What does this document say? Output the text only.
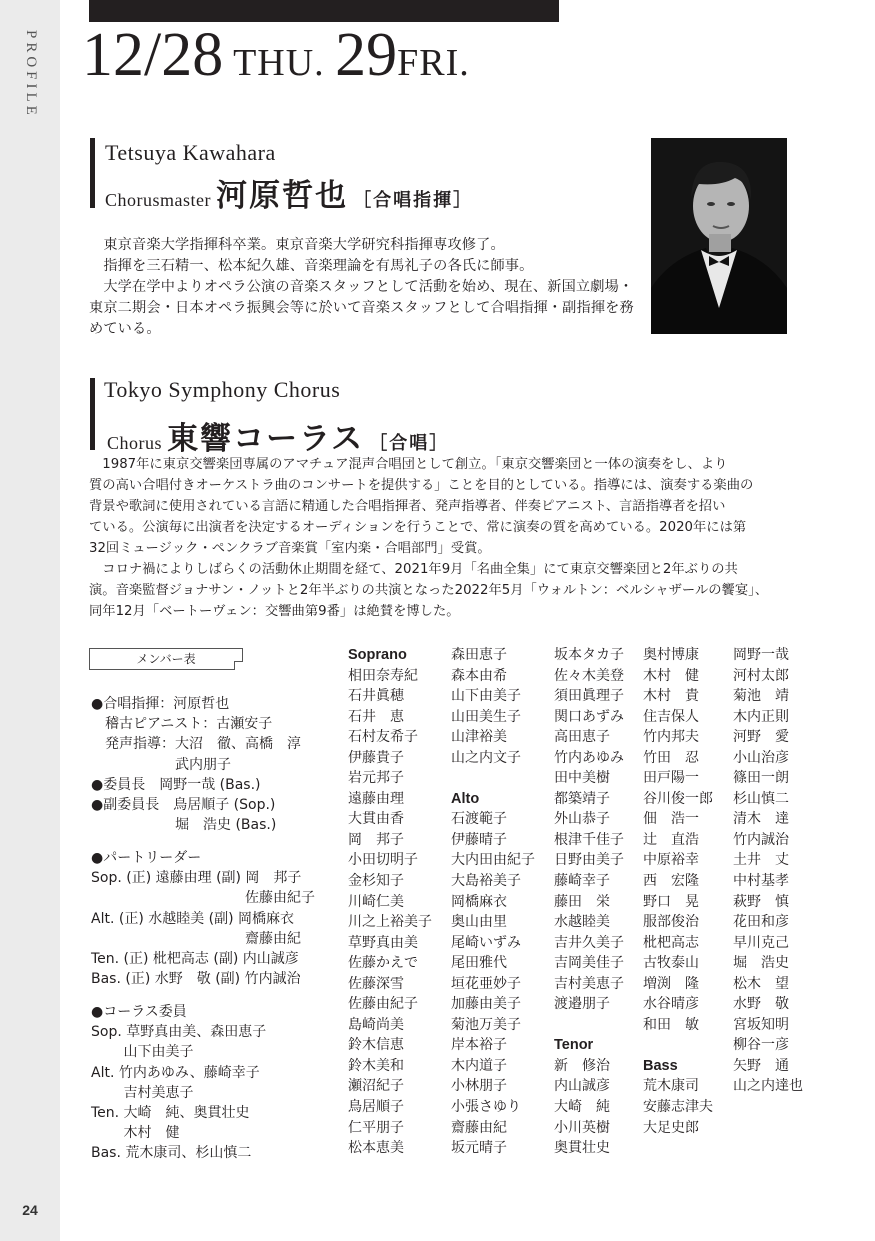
PROFILE
24
12/28 THU. 29FRI.
Tetsuya Kawahara
Chorusmaster 河原哲也 ［合唱指揮］

　東京音楽大学指揮科卒業。東京音楽大学研究科指揮専攻修了。

　指揮を三石精一、松本紀久雄、音楽理論を有馬礼子の各氏に師事。

　大学在学中よりオペラ公演の音楽スタッフとして活動を始め、現在、新国立劇場・

東京二期会・日本オペラ振興会等に於いて音楽スタッフとして合唱指揮・副指揮を務

めている。

Tokyo Symphony Chorus
Chorus 東響コーラス ［合唱］

　1987年に東京交響楽団専属のアマチュア混声合唱団として創立。「東京交響楽団と一体の演奏をし、より

質の高い合唱付きオーケストラ曲のコンサートを提供する」ことを目的としている。指導には、演奏する楽曲の

背景や歌詞に使用されている言語に精通した合唱指揮者、発声指導者、伴奏ピアニスト、言語指導者を招い

ている。公演毎に出演者を決定するオーディションを行うことで、常に演奏の質を高めている。2020年には第

32回ミュージック・ペンクラブ音楽賞「室内楽・合唱部門」受賞。

　コロナ禍によりしばらくの活動休止期間を経て、2021年9月「名曲全集」にて東京交響楽団と2年ぶりの共

演。音楽監督ジョナサン・ノットと2年半ぶりの共演となった2022年5月「ウォルトン：ベルシャザールの饗宴」、

同年12月「ベートーヴェン：交響曲第9番」は絶賛を博した。

メンバー表
●合唱指揮：河原哲也
　稽古ピアニスト：古瀬安子
　発声指導：大沼　徹、高橋　淳
　　　　　　武内朋子
●委員長　岡野一哉 (Bas.)
●副委員長　鳥居順子 (Sop.)
　　　　　　堀　浩史 (Bas.)
●パートリーダー
Sop. (正) 遠藤由理 (副) 岡　邦子
　　　　　　　　　　　佐藤由紀子
Alt. (正) 水越睦美 (副) 岡橋麻衣
　　　　　　　　　　　齋藤由紀
Ten. (正) 枇杷高志 (副) 内山誠彦
Bas. (正) 水野　敬 (副) 竹内誠治
●コーラス委員
Sop. 草野真由美、森田恵子
　　 山下由美子
Alt. 竹内あゆみ、藤崎幸子
　　 吉村美恵子
Ten. 大崎　純、奥貫壮史
　　 木村　健
Bas. 荒木康司、杉山慎二
Soprano
相田奈寿紀
石井眞穂
石井　恵
石村友希子
伊藤貴子
岩元邦子
遠藤由理
大貫由香
岡　邦子
小田切明子
金杉知子
川崎仁美
川之上裕美子
草野真由美
佐藤かえで
佐藤深雪
佐藤由紀子
島崎尚美
鈴木信恵
鈴木美和
瀬沼紀子
鳥居順子
仁平朋子
松本恵美
森田恵子
森本由希
山下由美子
山田美生子
山津裕美
山之内文子
Alto
石渡範子
伊藤晴子
大内田由紀子
大島裕美子
岡橋麻衣
奥山由里
尾崎いずみ
尾田雅代
垣花亜妙子
加藤由美子
菊池万美子
岸本裕子
木内道子
小林朋子
小張さゆり
齋藤由紀
坂元晴子
坂本タカ子
佐々木美登
須田眞理子
関口あずみ
高田恵子
竹内あゆみ
田中美樹
都築靖子
外山恭子
根津千佳子
日野由美子
藤崎幸子
藤田　栄
水越睦美
吉井久美子
吉岡美佳子
吉村美恵子
渡邉朋子
Tenor
新　修治
内山誠彦
大崎　純
小川英樹
奥貫壮史
奥村博康
木村　健
木村　貴
住吉保人
竹内邦夫
竹田　忍
田戸陽一
谷川俊一郎
佃　浩一
辻　直浩
中原裕幸
西　宏隆
野口　晃
服部俊治
枇杷高志
古牧泰山
増渕　隆
水谷晴彦
和田　敏
Bass
荒木康司
安藤志津夫
大足史郎
岡野一哉
河村太郎
菊池　靖
木内正則
河野　愛
小山治彦
篠田一朗
杉山慎二
清木　達
竹内誠治
土井　丈
中村基孝
萩野　慎
花田和彦
早川克己
堀　浩史
松木　望
水野　敬
宮坂知明
柳谷一彦
矢野　通
山之内達也
